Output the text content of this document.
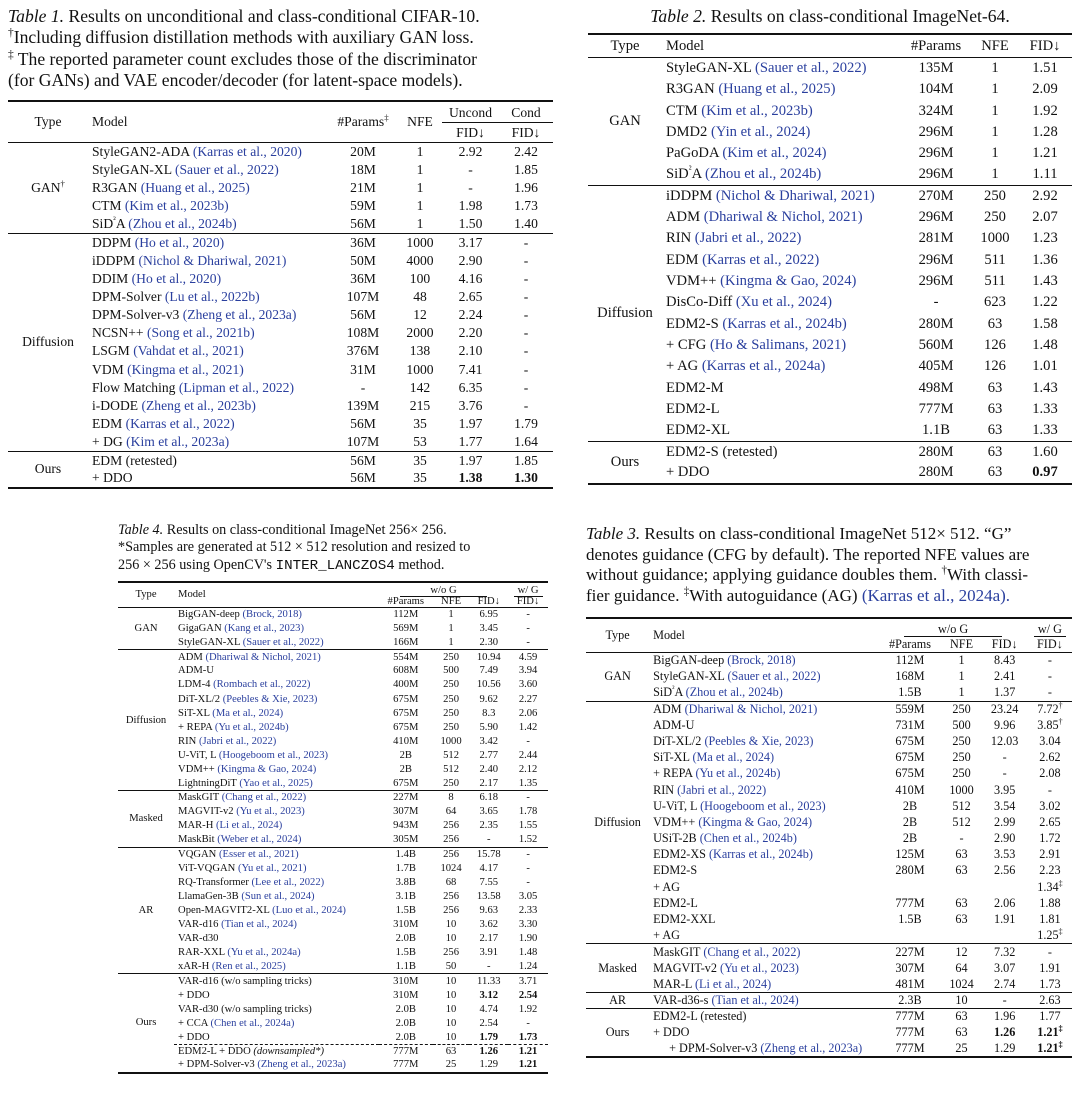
Table 1. Results on unconditional and class-conditional CIFAR-10.
†Including diffusion distillation methods with auxiliary GAN loss.
‡ The reported parameter count excludes those of the discriminator
(for GANs) and VAE encoder/decoder (for latent-space models).
Type	Model	#Params‡	NFE	Uncond	Cond
				FID↓	FID↓
GAN†	StyleGAN2-ADA (Karras et al., 2020)	20M	1	2.92	2.42
	StyleGAN-XL (Sauer et al., 2022)	18M	1	-	1.85
	R3GAN (Huang et al., 2025)	21M	1	-	1.96
	CTM (Kim et al., 2023b)	59M	1	1.98	1.73
	SiD$^{^2}$A (Zhou et al., 2024b)	56M	1	1.50	1.40
Diffusion	DDPM (Ho et al., 2020)	36M	1000	3.17	-
	iDDPM (Nichol & Dhariwal, 2021)	50M	4000	2.90	-
	DDIM (Ho et al., 2020)	36M	100	4.16	-
	DPM-Solver (Lu et al., 2022b)	107M	48	2.65	-
	DPM-Solver-v3 (Zheng et al., 2023a)	56M	12	2.24	-
	NCSN++ (Song et al., 2021b)	108M	2000	2.20	-
	LSGM (Vahdat et al., 2021)	376M	138	2.10	-
	VDM (Kingma et al., 2021)	31M	1000	7.41	-
	Flow Matching (Lipman et al., 2022)	-	142	6.35	-
	i-DODE (Zheng et al., 2023b)	139M	215	3.76	-
	EDM (Karras et al., 2022)	56M	35	1.97	1.79
	+ DG (Kim et al., 2023a)	107M	53	1.77	1.64
Ours	EDM (retested)	56M	35	1.97	1.85
	+ DDO	56M	35	1.38	1.30
Table 2. Results on class-conditional ImageNet-64.
Type	Model	#Params	NFE	FID↓
GAN	StyleGAN-XL (Sauer et al., 2022)	135M	1	1.51
	R3GAN (Huang et al., 2025)	104M	1	2.09
	CTM (Kim et al., 2023b)	324M	1	1.92
	DMD2 (Yin et al., 2024)	296M	1	1.28
	PaGoDA (Kim et al., 2024)	296M	1	1.21
	SiD$^{^2}$A (Zhou et al., 2024b)	296M	1	1.11
Diffusion	iDDPM (Nichol & Dhariwal, 2021)	270M	250	2.92
	ADM (Dhariwal & Nichol, 2021)	296M	250	2.07
	RIN (Jabri et al., 2022)	281M	1000	1.23
	EDM (Karras et al., 2022)	296M	511	1.36
	VDM++ (Kingma & Gao, 2024)	296M	511	1.43
	DisCo-Diff (Xu et al., 2024)	-	623	1.22
	EDM2-S (Karras et al., 2024b)	280M	63	1.58
	+ CFG (Ho & Salimans, 2021)	560M	126	1.48
	+ AG (Karras et al., 2024a)	405M	126	1.01
	EDM2-M	498M	63	1.43
	EDM2-L	777M	63	1.33
	EDM2-XL	1.1B	63	1.33
Ours	EDM2-S (retested)	280M	63	1.60
	+ DDO	280M	63	0.97
Table 4. Results on class-conditional ImageNet 256× 256.
*Samples are generated at 512 × 512 resolution and resized to
256 × 256 using OpenCV's INTER_LANCZOS4 method.
Type	Model	w/o G			w/ G
		#Params	NFE	FID↓	FID↓
GAN	BigGAN-deep (Brock, 2018)	112M	1	6.95	-
	GigaGAN (Kang et al., 2023)	569M	1	3.45	-
	StyleGAN-XL (Sauer et al., 2022)	166M	1	2.30	-
Diffusion	ADM (Dhariwal & Nichol, 2021)	554M	250	10.94	4.59
	ADM-U	608M	500	7.49	3.94
	LDM-4 (Rombach et al., 2022)	400M	250	10.56	3.60
	DiT-XL/2 (Peebles & Xie, 2023)	675M	250	9.62	2.27
	SiT-XL (Ma et al., 2024)	675M	250	8.3	2.06
	+ REPA (Yu et al., 2024b)	675M	250	5.90	1.42
	RIN (Jabri et al., 2022)	410M	1000	3.42	-
	U-ViT, L (Hoogeboom et al., 2023)	2B	512	2.77	2.44
	VDM++ (Kingma & Gao, 2024)	2B	512	2.40	2.12
	LightningDiT (Yao et al., 2025)	675M	250	2.17	1.35
Masked	MaskGIT (Chang et al., 2022)	227M	8	6.18	-
	MAGVIT-v2 (Yu et al., 2023)	307M	64	3.65	1.78
	MAR-H (Li et al., 2024)	943M	256	2.35	1.55
	MaskBit (Weber et al., 2024)	305M	256	-	1.52
AR	VQGAN (Esser et al., 2021)	1.4B	256	15.78	-
	ViT-VQGAN (Yu et al., 2021)	1.7B	1024	4.17	-
	RQ-Transformer (Lee et al., 2022)	3.8B	68	7.55	-
	LlamaGen-3B (Sun et al., 2024)	3.1B	256	13.58	3.05
	Open-MAGVIT2-XL (Luo et al., 2024)	1.5B	256	9.63	2.33
	VAR-d16 (Tian et al., 2024)	310M	10	3.62	3.30
	VAR-d30	2.0B	10	2.17	1.90
	RAR-XXL (Yu et al., 2024a)	1.5B	256	3.91	1.48
	xAR-H (Ren et al., 2025)	1.1B	50	-	1.24
Ours	VAR-d16 (w/o sampling tricks)	310M	10	11.33	3.71
	+ DDO	310M	10	3.12	2.54
	VAR-d30 (w/o sampling tricks)	2.0B	10	4.74	1.92
	+ CCA (Chen et al., 2024a)	2.0B	10	2.54	-
	+ DDO	2.0B	10	1.79	1.73
	EDM2-L + DDO (downsampled*)	777M	63	1.26	1.21
	+ DPM-Solver-v3 (Zheng et al., 2023a)	777M	25	1.29	1.21
Table 3. Results on class-conditional ImageNet 512× 512. “G”
denotes guidance (CFG by default). The reported NFE values are
without guidance; applying guidance doubles them. †With classi-
fier guidance. ‡With autoguidance (AG) (Karras et al., 2024a).
Type	Model	w/o G			w/ G
		#Params	NFE	FID↓	FID↓
GAN	BigGAN-deep (Brock, 2018)	112M	1	8.43	-
	StyleGAN-XL (Sauer et al., 2022)	168M	1	2.41	-
	SiD$^{^2}$A (Zhou et al., 2024b)	1.5B	1	1.37	-
Diffusion	ADM (Dhariwal & Nichol, 2021)	559M	250	23.24	7.72†
	ADM-U	731M	500	9.96	3.85†
	DiT-XL/2 (Peebles & Xie, 2023)	675M	250	12.03	3.04
	SiT-XL (Ma et al., 2024)	675M	250	-	2.62
	+ REPA (Yu et al., 2024b)	675M	250	-	2.08
	RIN (Jabri et al., 2022)	410M	1000	3.95	-
	U-ViT, L (Hoogeboom et al., 2023)	2B	512	3.54	3.02
	VDM++ (Kingma & Gao, 2024)	2B	512	2.99	2.65
	USiT-2B (Chen et al., 2024b)	2B	-	2.90	1.72
	EDM2-XS (Karras et al., 2024b)	125M	63	3.53	2.91
	EDM2-S	280M	63	2.56	2.23
	+ AG				1.34‡
	EDM2-L	777M	63	2.06	1.88
	EDM2-XXL	1.5B	63	1.91	1.81
	+ AG				1.25‡
Masked	MaskGIT (Chang et al., 2022)	227M	12	7.32	-
	MAGVIT-v2 (Yu et al., 2023)	307M	64	3.07	1.91
	MAR-L (Li et al., 2024)	481M	1024	2.74	1.73
AR	VAR-d36-s (Tian et al., 2024)	2.3B	10	-	2.63
Ours	EDM2-L (retested)	777M	63	1.96	1.77
	+ DDO	777M	63	1.26	1.21‡
	+ DPM-Solver-v3 (Zheng et al., 2023a)	777M	25	1.29	1.21‡
